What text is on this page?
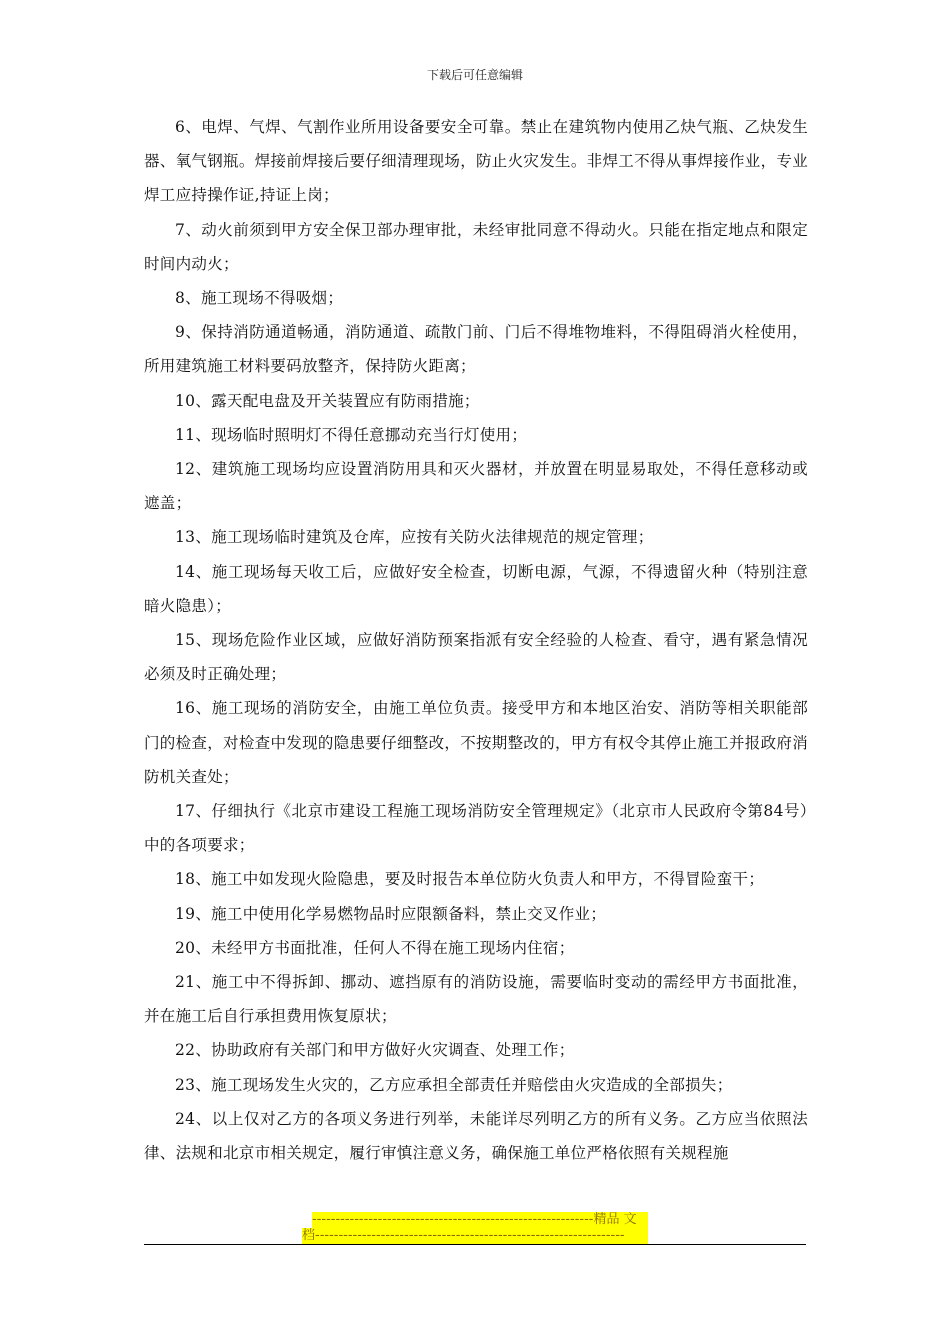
下载后可任意编辑

6、电焊、气焊、气割作业所用设备要安全可靠。禁止在建筑物内使用乙炔气瓶、乙炔发生器、氧气钢瓶。焊接前焊接后要仔细清理现场，防止火灾发生。非焊工不得从事焊接作业，专业焊工应持操作证,持证上岗；

7、动火前须到甲方安全保卫部办理审批，未经审批同意不得动火。只能在指定地点和限定时间内动火；

8、施工现场不得吸烟；

9、保持消防通道畅通，消防通道、疏散门前、门后不得堆物堆料，不得阻碍消火栓使用，所用建筑施工材料要码放整齐，保持防火距离；

10、露天配电盘及开关装置应有防雨措施；

11、现场临时照明灯不得任意挪动充当行灯使用；

12、建筑施工现场均应设置消防用具和灭火器材，并放置在明显易取处，不得任意移动或遮盖；

13、施工现场临时建筑及仓库，应按有关防火法律规范的规定管理；

14、施工现场每天收工后，应做好安全检查，切断电源，气源，不得遗留火种（特别注意暗火隐患）；

15、现场危险作业区域，应做好消防预案指派有安全经验的人检查、看守，遇有紧急情况必须及时正确处理；

16、施工现场的消防安全，由施工单位负责。接受甲方和本地区治安、消防等相关职能部门的检查，对检查中发现的隐患要仔细整改，不按期整改的，甲方有权令其停止施工并报政府消防机关查处；

17、仔细执行《北京市建设工程施工现场消防安全管理规定》（北京市人民政府令第84号）中的各项要求；

18、施工中如发现火险隐患，要及时报告本单位防火负责人和甲方，不得冒险蛮干；

19、施工中使用化学易燃物品时应限额备料，禁止交叉作业；

20、未经甲方书面批准，任何人不得在施工现场内住宿；

21、施工中不得拆卸、挪动、遮挡原有的消防设施，需要临时变动的需经甲方书面批准，并在施工后自行承担费用恢复原状；

22、协助政府有关部门和甲方做好火灾调查、处理工作；

23、施工现场发生火灾的，乙方应承担全部责任并赔偿由火灾造成的全部损失；

24、以上仅对乙方的各项义务进行列举，未能详尽列明乙方的所有义务。乙方应当依照法律、法规和北京市相关规定，履行审慎注意义务，确保施工单位严格依照有关规程施

------------------------------------------------------------精品 文
档------------------------------------------------------------------
